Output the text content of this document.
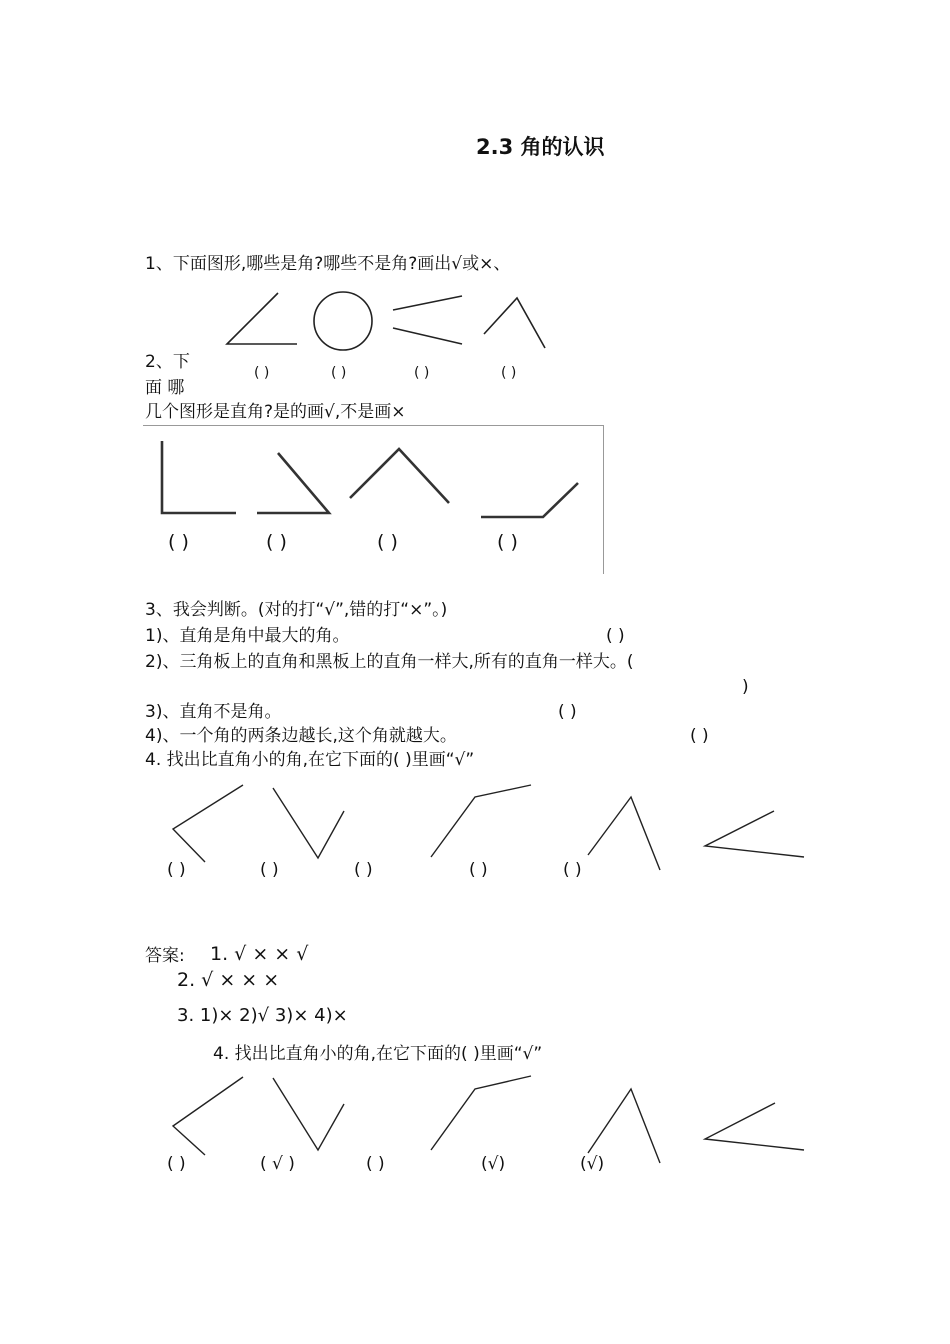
2.3 角的认识
1、下面图形,哪些是角?哪些不是角?画出√或×、
( )	( )	( )	( )
2、下
面 哪
几个图形是直角?是的画√,不是画×
( )	( )	( )	( )
3、我会判断。(对的打“√”,错的打“×”。)
1)、直角是角中最大的角。	( )
2)、三角板上的直角和黑板上的直角一样大,所有的直角一样大。(
)
3)、直角不是角。	( )
4)、一个角的两条边越长,这个角就越大。	( )
4. 找出比直角小的角,在它下面的( )里画“√”
( )	( )	( )	( )	( )
答案: 1. √ × × √
2. √ × × ×
3. 1)× 2)√ 3)× 4)×
4. 找出比直角小的角,在它下面的( )里画“√”
( )	( √ )	( )	(√)	(√)
